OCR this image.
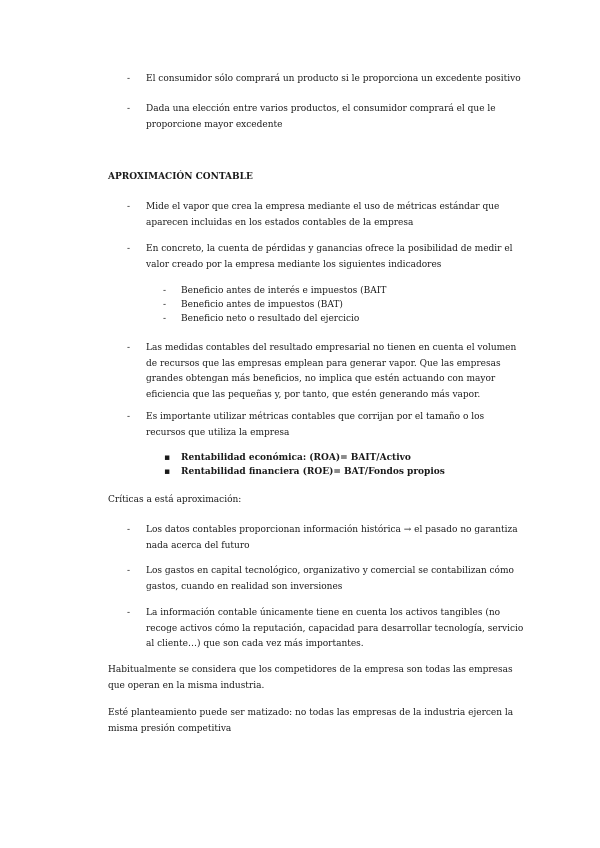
- El consumidor sólo comprará un producto si le proporciona un excedente positivo
- Dada una elección entre varios productos, el consumidor comprará el que le proporcione mayor excedente
APROXIMACIÓN CONTABLE
- Mide el vapor que crea la empresa mediante el uso de métricas estándar que aparecen incluidas en los estados contables de la empresa
- En concreto, la cuenta de pérdidas y ganancias ofrece la posibilidad de medir el valor creado por la empresa mediante los siguientes indicadores
- Beneficio antes de interés e impuestos (BAIT
- Beneficio antes de impuestos (BAT)
- Beneficio neto o resultado del ejercicio
- Las medidas contables del resultado empresarial no tienen en cuenta el volumen de recursos que las empresas emplean para generar vapor. Que las empresas grandes obtengan más beneficios, no implica que estén actuando con mayor eficiencia que las pequeñas y, por tanto, que estén generando más vapor.
- Es importante utilizar métricas contables que corrijan por el tamaño o los recursos que utiliza la empresa
▪ Rentabilidad económica: (ROA)= BAIT/Activo
▪ Rentabilidad financiera (ROE)= BAT/Fondos propios
Críticas a está aproximación:
- Los datos contables proporcionan información histórica → el pasado no garantiza nada acerca del futuro
- Los gastos en capital tecnológico, organizativo y comercial se contabilizan cómo gastos, cuando en realidad son inversiones
- La información contable únicamente tiene en cuenta los activos tangibles (no recoge activos cómo la reputación, capacidad para desarrollar tecnología, servicio al cliente…) que son cada vez más importantes.
Habitualmente se considera que los competidores de la empresa son todas las empresas que operan en la misma industria.
Esté planteamiento puede ser matizado: no todas las empresas de la industria ejercen la misma presión competitiva
